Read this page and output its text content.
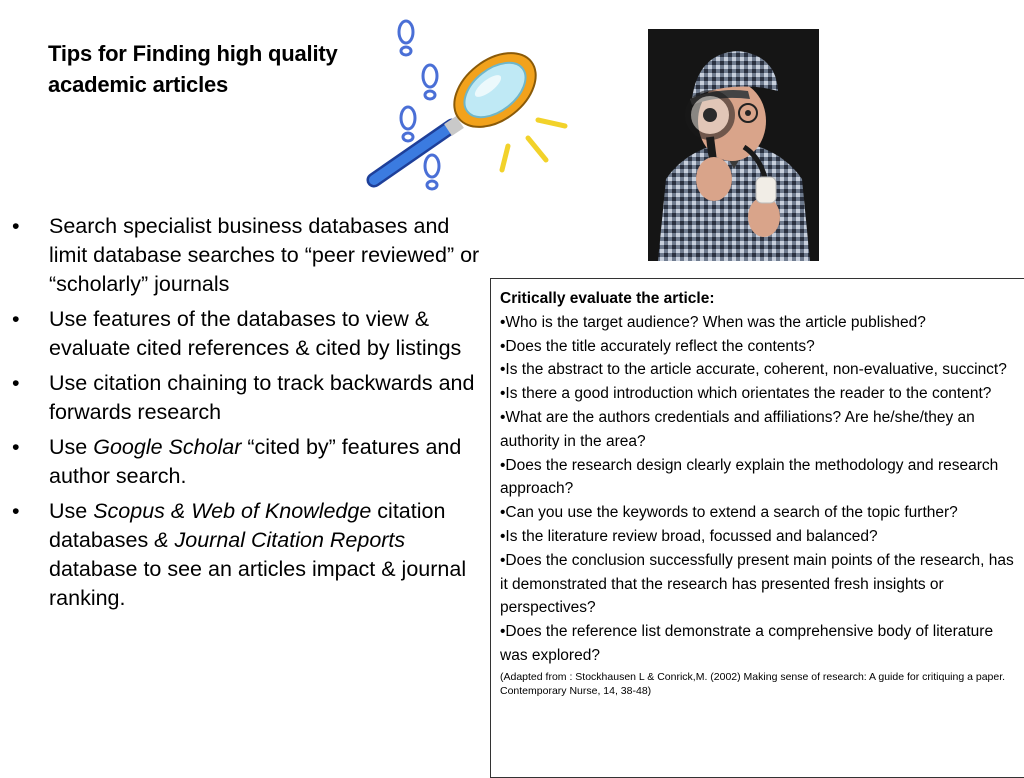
Tips for Finding high quality academic articles
• Search specialist business databases and limit database searches to “peer reviewed” or “scholarly” journals
• Use features of the databases to view & evaluate cited references & cited by listings
• Use citation chaining to track backwards and forwards research
• Use Google Scholar “cited by” features and author search.
• Use Scopus & Web of Knowledge citation databases & Journal Citation Reports database to see an articles impact & journal ranking.
Critically evaluate the article:
•Who is the target audience? When was the article published?
•Does the title accurately reflect the contents?
•Is the abstract to the article accurate, coherent, non-evaluative, succinct?
•Is there a good introduction which orientates the reader to the content?
•What are the authors credentials and affiliations? Are he/she/they an authority in the area?
•Does the research design clearly explain the methodology and research approach?
•Can you use the keywords to extend a search of the topic further?
•Is the literature review broad, focussed and balanced?
•Does the conclusion successfully present main points of the research, has it demonstrated that the research has presented fresh insights or perspectives?
•Does the reference list demonstrate a comprehensive body of literature was explored?
(Adapted from : Stockhausen L & Conrick,M. (2002) Making sense of research: A guide for critiquing a paper. Contemporary Nurse, 14, 38-48)
